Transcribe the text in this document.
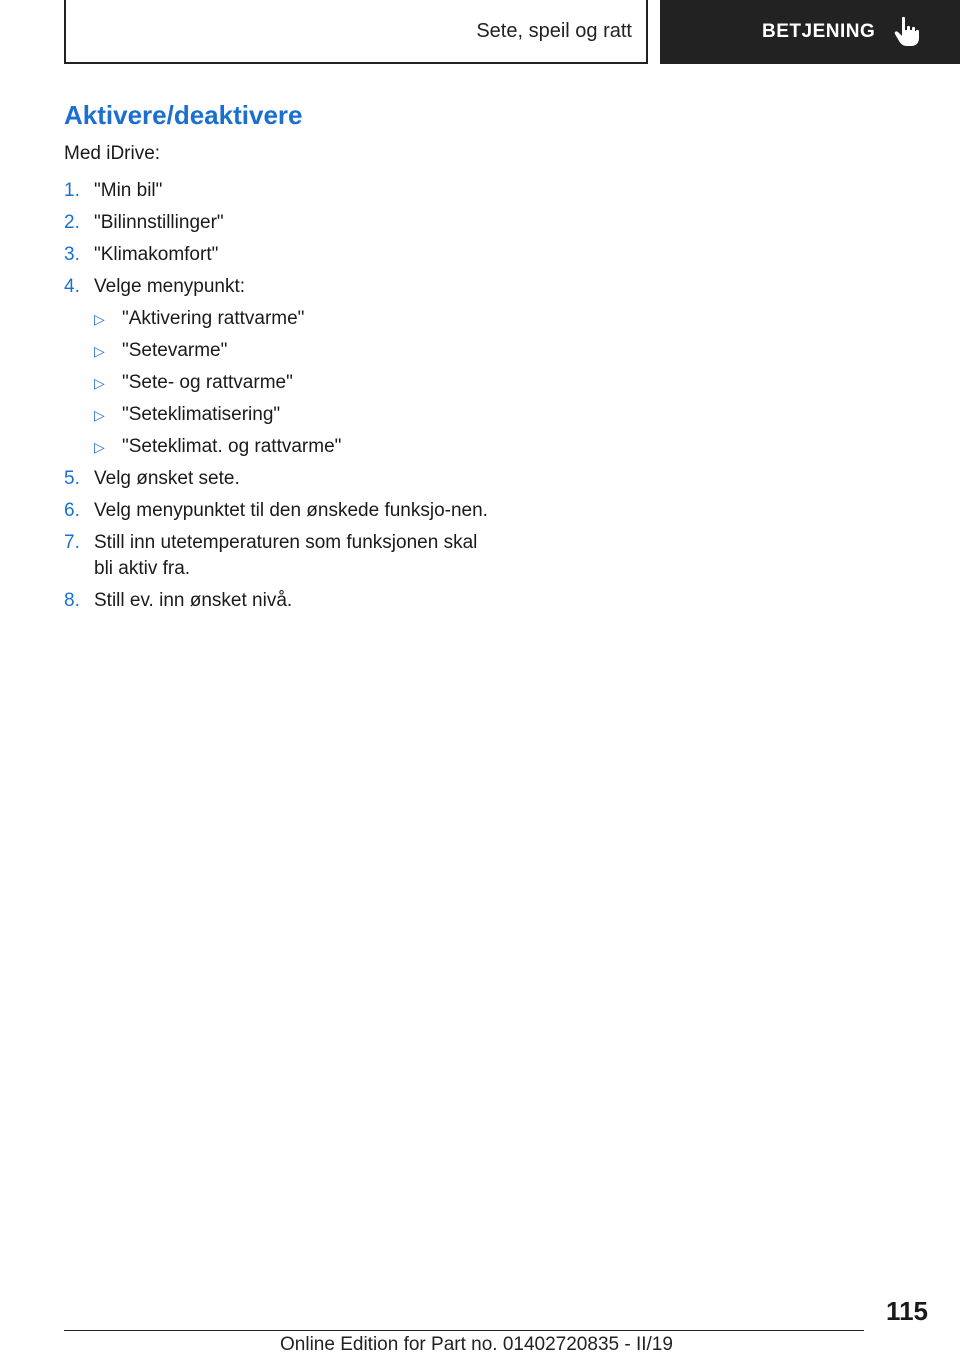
Sete, speil og ratt	BETJENING
Aktivere/deaktivere

Med iDrive:

1. "Min bil"
2. "Bilinnstillinger"
3. "Klimakomfort"
4. Velge menypunkt:
▷ "Aktivering rattvarme"
▷ "Setevarme"
▷ "Sete- og rattvarme"
▷ "Seteklimatisering"
▷ "Seteklimat. og rattvarme"
5. Velg ønsket sete.
6. Velg menypunktet til den ønskede funksjo-nen.
7. Still inn utetemperaturen som funksjonen skal bli aktiv fra.
8. Still ev. inn ønsket nivå.
115
Online Edition for Part no. 01402720835 - II/19
